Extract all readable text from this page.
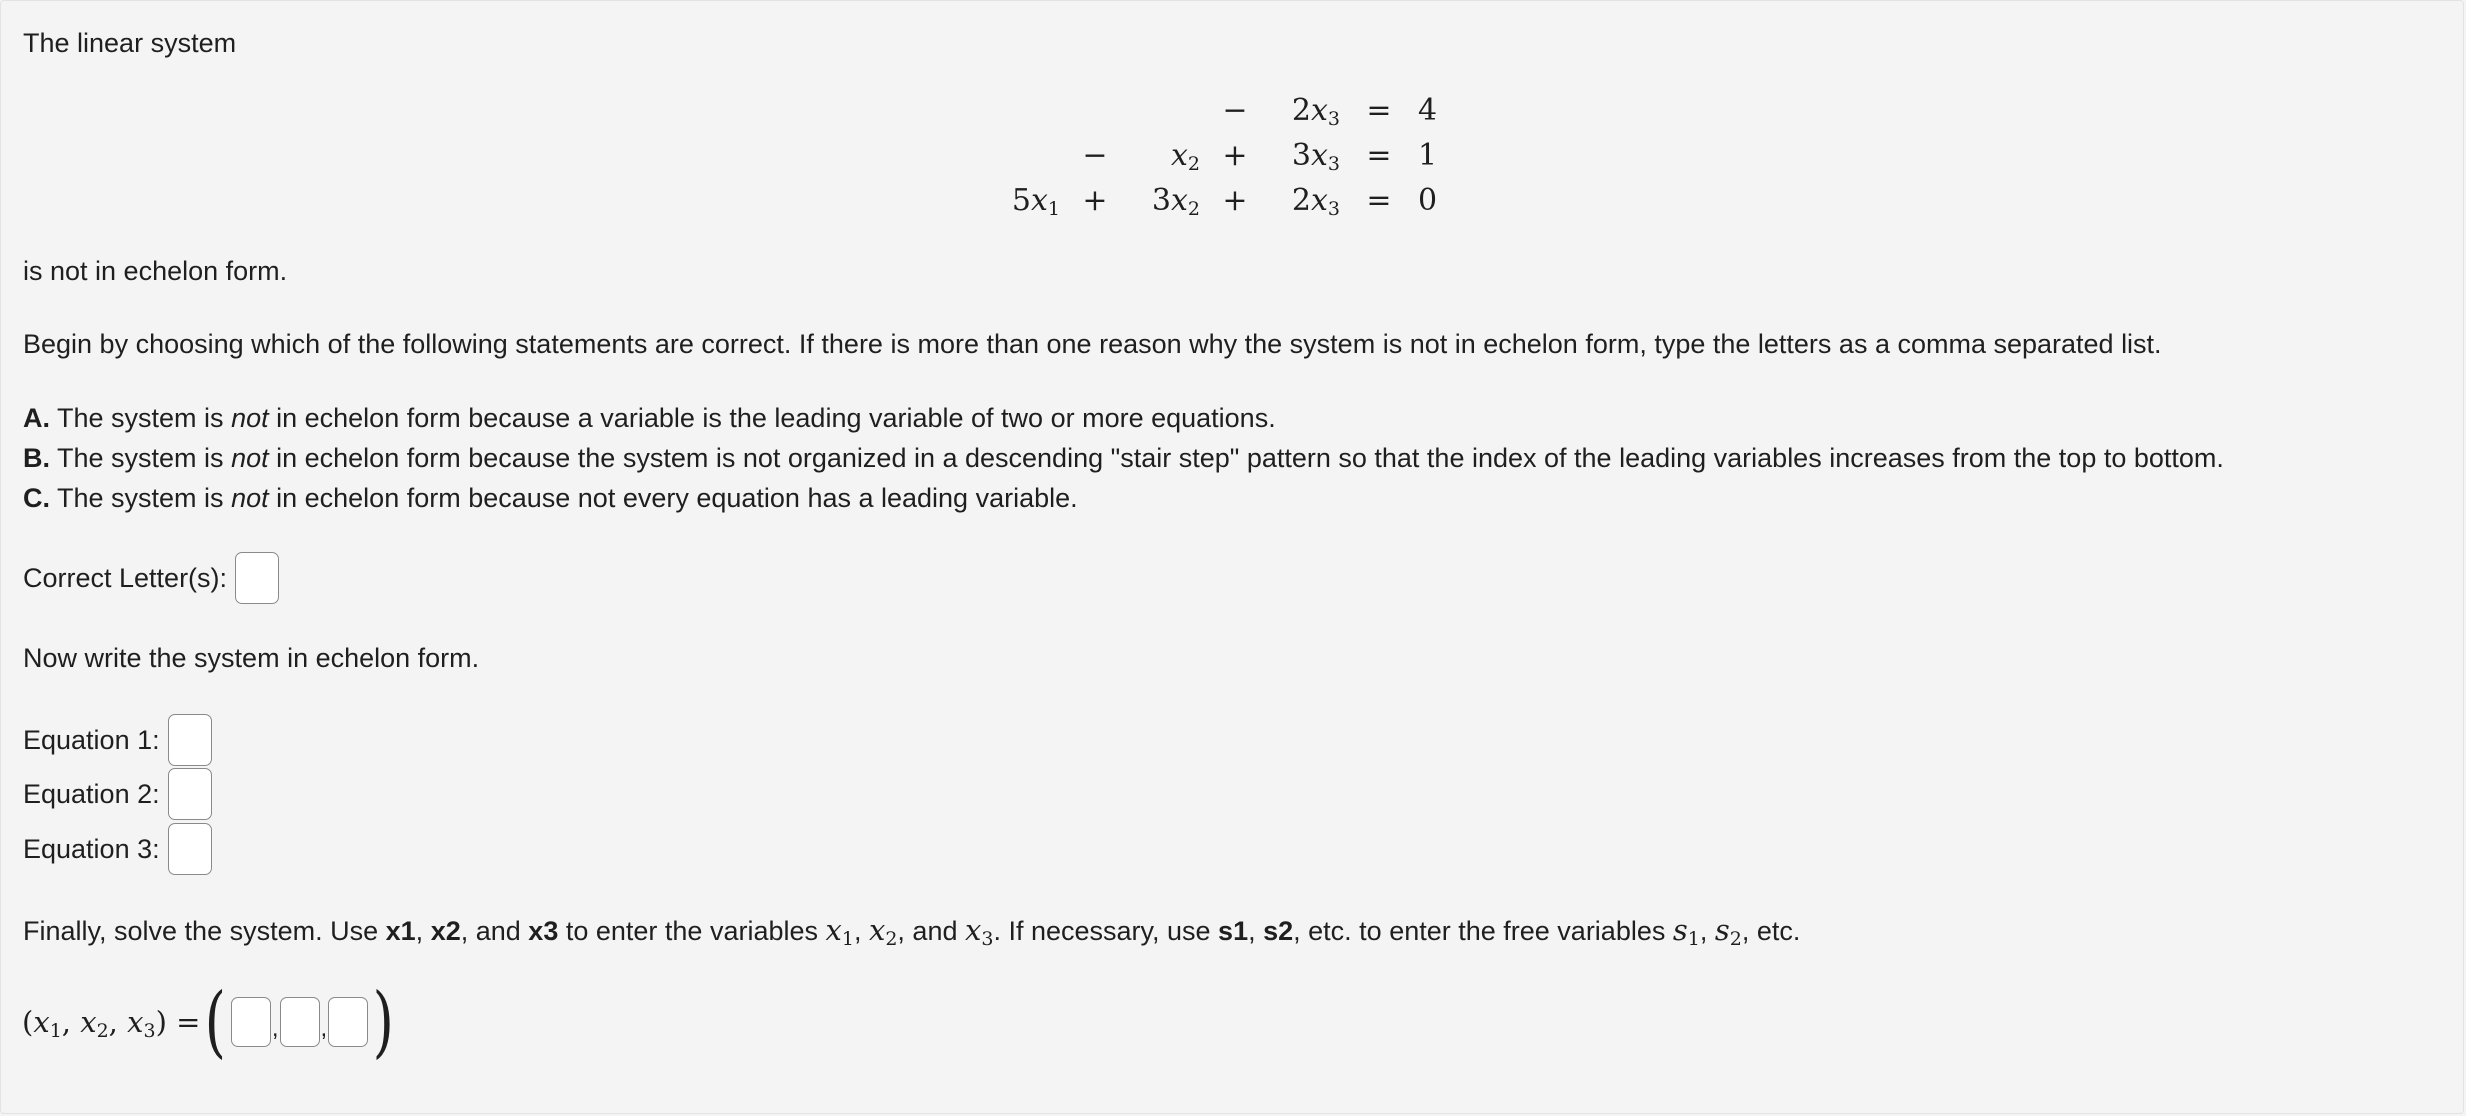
The linear system
			−	$2x_3$	=	4
	−	$x_2$	+	$3x_3$	=	1
$5x_1$	+	$3x_2$	+	$2x_3$	=	0
is not in echelon form.
Begin by choosing which of the following statements are correct. If there is more than one reason why the system is not in echelon form, type the letters as a comma separated list.
A. The system is not in echelon form because a variable is the leading variable of two or more equations.
B. The system is not in echelon form because the system is not organized in a descending "stair step" pattern so that the index of the leading variables increases from the top to bottom.
C. The system is not in echelon form because not every equation has a leading variable.
Correct Letter(s):
Now write the system in echelon form.
Equation 1:
Equation 2:
Equation 3:
Finally, solve the system. Use x1, x2, and x3 to enter the variables $x_1$, $x_2$, and $x_3$. If necessary, use s1, s2, etc. to enter the free variables $s_1$, $s_2$, etc.
($x_1$, $x_2$, $x_3$) = ( , , )
